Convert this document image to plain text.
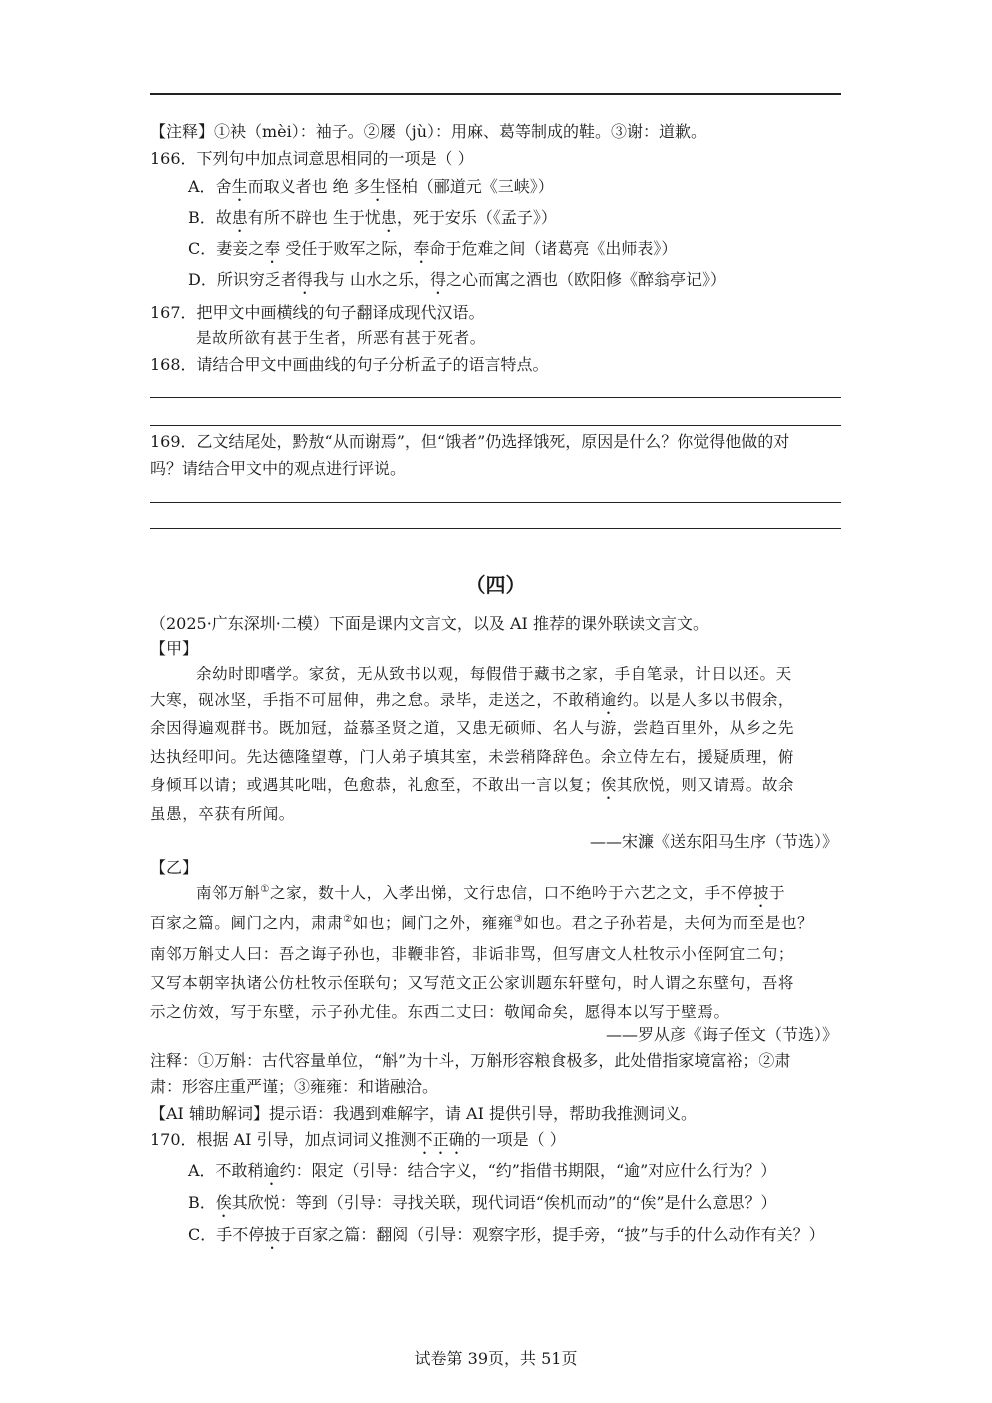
【注释】①袂（mèi）：袖子。②屦（jù）：用麻、葛等制成的鞋。③谢：道歉。
166．下列句中加点词意思相同的一项是（ ）
A．舍生而取义者也 绝 多生怪柏（郦道元《三峡》）
B．故患有所不辟也 生于忧患，死于安乐（《孟子》）
C．妻妾之奉 受任于败军之际，奉命于危难之间（诸葛亮《出师表》）
D．所识穷乏者得我与 山水之乐，得之心而寓之酒也（欧阳修《醉翁亭记》）
167．把甲文中画横线的句子翻译成现代汉语。
是故所欲有甚于生者，所恶有甚于死者。
168．请结合甲文中画曲线的句子分析孟子的语言特点。
169．乙文结尾处，黔敖“从而谢焉”，但“饿者”仍选择饿死，原因是什么？你觉得他做的对
吗？请结合甲文中的观点进行评说。
（四）
（2025·广东深圳·二模）下面是课内文言文，以及 AI 推荐的课外联读文言文。
【甲】
余幼时即嗜学。家贫，无从致书以观，每假借于藏书之家，手自笔录，计日以还。天
大寒，砚冰坚，手指不可屈伸，弗之怠。录毕，走送之，不敢稍逾约。以是人多以书假余，
余因得遍观群书。既加冠，益慕圣贤之道，又患无硕师、名人与游，尝趋百里外，从乡之先
达执经叩问。先达德隆望尊，门人弟子填其室，未尝稍降辞色。余立侍左右，援疑质理，俯
身倾耳以请；或遇其叱咄，色愈恭，礼愈至，不敢出一言以复；俟其欣悦，则又请焉。故余
虽愚，卒获有所闻。
——宋濂《送东阳马生序（节选）》
【乙】
南邻万斛①之家，数十人，入孝出悌，文行忠信，口不绝吟于六艺之文，手不停披于
百家之篇。阃门之内，肃肃②如也；阃门之外，雍雍③如也。君之子孙若是，夫何为而至是也？
南邻万斛丈人曰：吾之诲子孙也，非鞭非笞，非诟非骂，但写唐文人杜牧示小侄阿宜二句；
又写本朝宰执诸公仿杜牧示侄联句；又写范文正公家训题东轩壁句，时人谓之东壁句，吾将
示之仿效，写于东壁，示子孙尤佳。东西二丈曰：敬闻命矣，愿得本以写于壁焉。
——罗从彦《诲子侄文（节选）》
注释：①万斛：古代容量单位，“斛”为十斗，万斛形容粮食极多，此处借指家境富裕；②肃
肃：形容庄重严谨；③雍雍：和谐融洽。
【AI 辅助解词】提示语：我遇到难解字，请 AI 提供引导，帮助我推测词义。
170．根据 AI 引导，加点词词义推测不正确的一项是（ ）
A．不敢稍逾约：限定（引导：结合字义，“约”指借书期限，“逾”对应什么行为？）
B．俟其欣悦：等到（引导：寻找关联，现代词语“俟机而动”的“俟”是什么意思？）
C．手不停披于百家之篇：翻阅（引导：观察字形，提手旁，“披”与手的什么动作有关？）
试卷第 39页，共 51页
